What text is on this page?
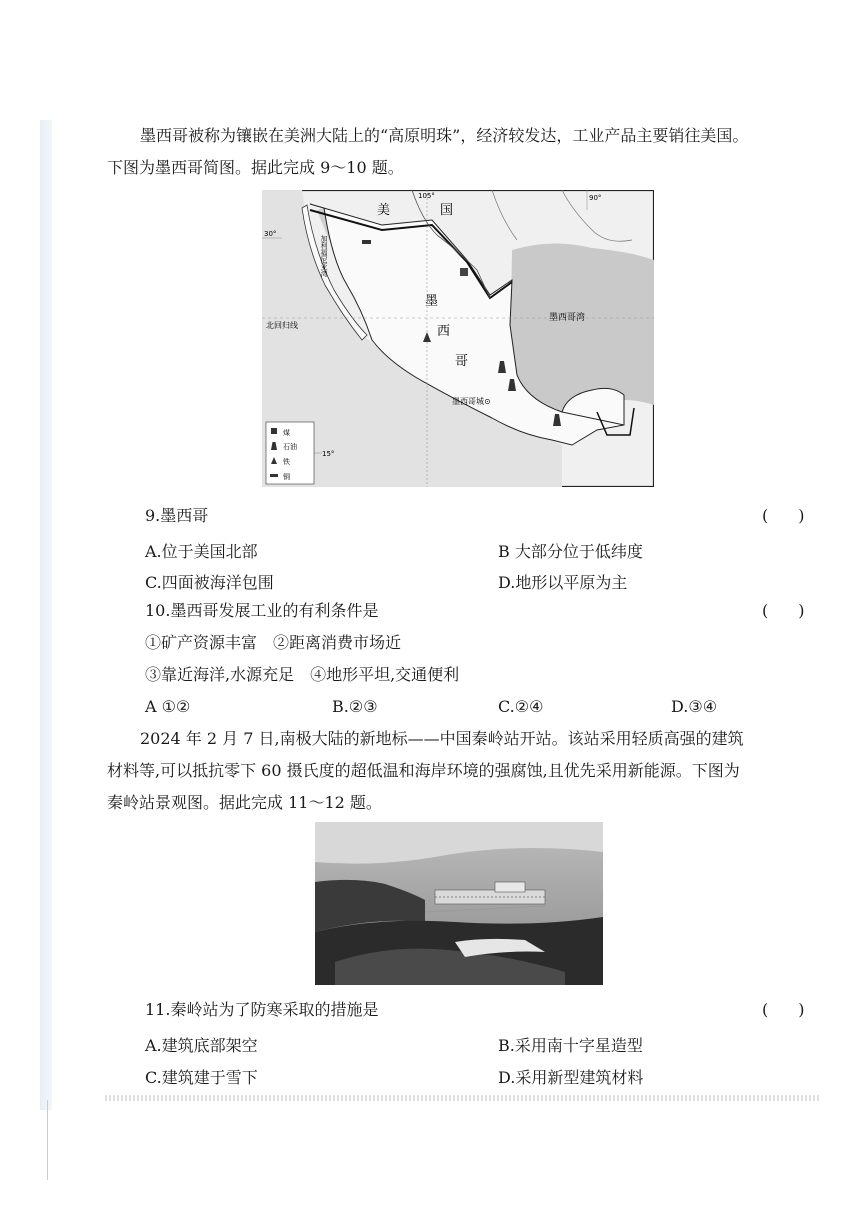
墨西哥被称为镶嵌在美洲大陆上的“高原明珠”，经济较发达，工业产品主要销往美国。
下图为墨西哥简图。据此完成 9～10 题。
美	国
105°	90°
30°
15°
北回归线
墨西哥湾
墨
西
哥
墨西哥城⊙
加利福尼亚湾
煤
石油
铁
铜
9.墨西哥	()
A.位于美国北部	B 大部分位于低纬度
C.四面被海洋包围	D.地形以平原为主
10.墨西哥发展工业的有利条件是	()
①矿产资源丰富　②距离消费市场近
③靠近海洋,水源充足　④地形平坦,交通便利
A ①②	B.②③	C.②④	D.③④
2024 年 2 月 7 日,南极大陆的新地标——中国秦岭站开站。该站采用轻质高强的建筑
材料等,可以抵抗零下 60 摄氏度的超低温和海岸环境的强腐蚀,且优先采用新能源。下图为
秦岭站景观图。据此完成 11～12 题。
11.秦岭站为了防寒采取的措施是	()
A.建筑底部架空	B.采用南十字星造型
C.建筑建于雪下	D.采用新型建筑材料
